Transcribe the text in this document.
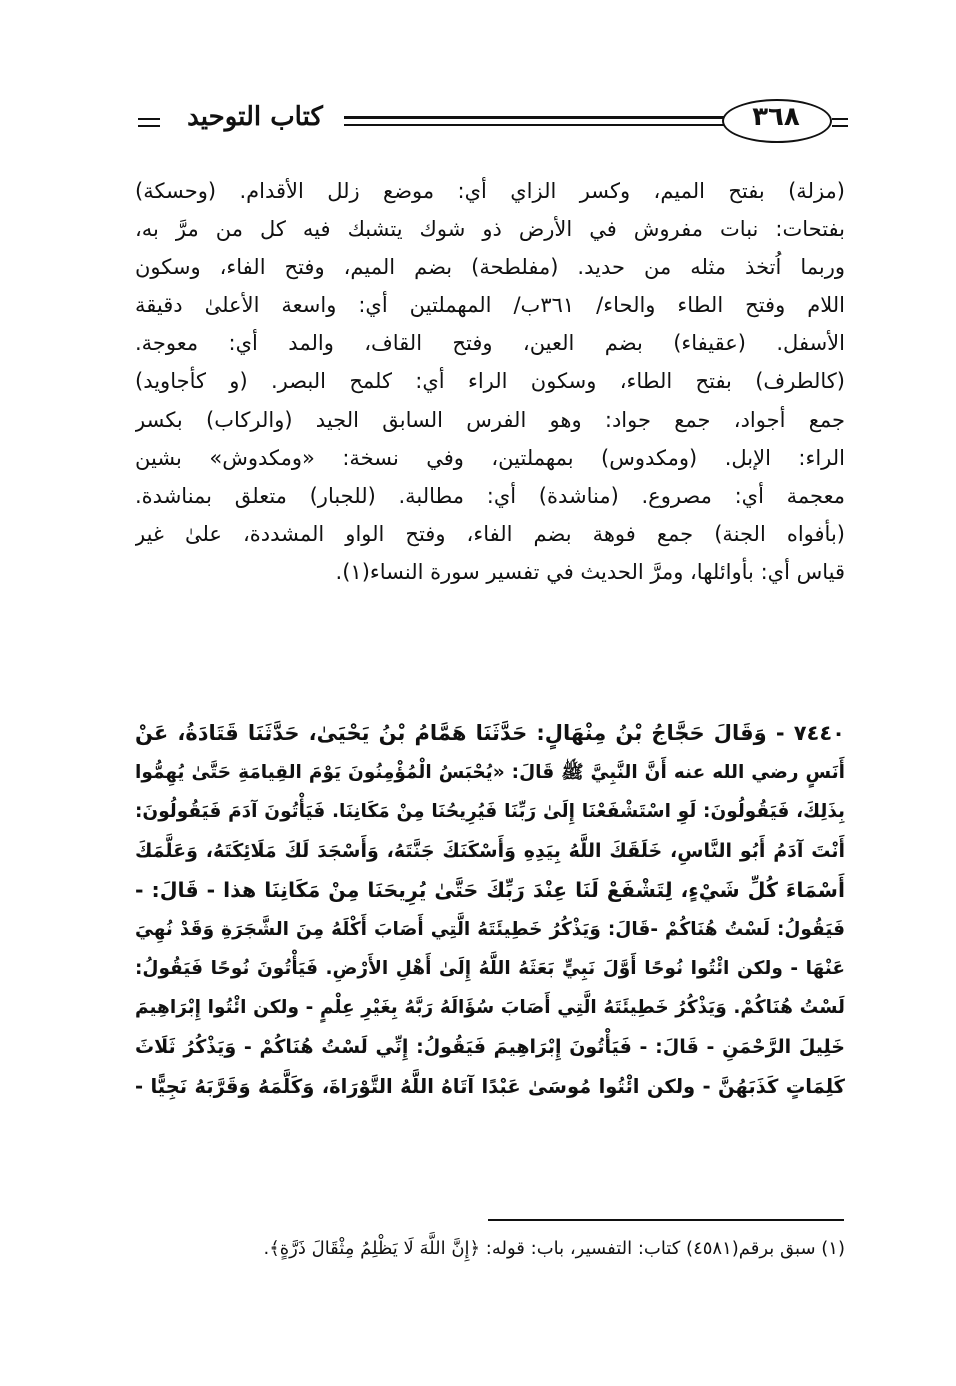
كتاب التوحيد	٣٦٨
(مزلة) بفتح الميم، وكسر الزاي أي: موضع زلل الأقدام. (وحسكة)
بفتحات: نبات مفروش في الأرض ذو شوك يتشبك فيه كل من مرَّ به،
وربما اُتخذ مثله من حديد. (مفلطحة) بضم الميم، وفتح الفاء، وسكون
اللام وفتح الطاء والحاء/ ٣٦١ب/ المهملتين أي: واسعة الأعلىٰ دقيقة
الأسفل. (عقيفاء) بضم العين، وفتح القاف، والمد أي: معوجة.
(كالطرف) بفتح الطاء، وسكون الراء أي: كلمح البصر. (و كأجاويد)
جمع أجواد، جمع جواد: وهو الفرس السابق الجيد (والركاب) بكسر
الراء: الإبل. (ومكدوس) بمهملتين، وفي نسخة: «ومكدوش» بشين
معجمة أي: مصروع. (مناشدة) أي: مطالبة. (للجبار) متعلق بمناشدة.
(بأفواه الجنة) جمع فوهة بضم الفاء، وفتح الواو المشددة، علىٰ غير
قياس أي: بأوائلها، ومرَّ الحديث في تفسير سورة النساء(١).
٧٤٤٠ - وَقَالَ حَجَّاجُ بْنُ مِنْهَالٍ: حَدَّثَنَا هَمَّامُ بْنُ يَحْيَىٰ، حَدَّثَنَا قَتَادَةُ، عَنْ
أَنَسٍ رضي الله عنه أَنَّ النَّبِيَّ ﷺ قَالَ: «يُحْبَسُ الْمُؤْمِنُونَ يَوْمَ القِيامَةِ حَتَّىٰ يُهِمُّوا
بِذَلِكَ، فَيَقُولُونَ: لَوِ اسْتَشْفَعْنَا إِلَىٰ رَبِّنَا فَيُرِيحُنَا مِنْ مَكَانِنَا. فَيَأْتُونَ آدَمَ فَيَقُولُونَ:
أَنْتَ آدَمُ أَبُو النَّاسِ، خَلَقَكَ اللَّهُ بِيَدِهِ وَأَسْكَنَكَ جَنَّتَهُ، وَأَسْجَدَ لَكَ مَلَائِكَتَهُ، وَعَلَّمَكَ
أَسْمَاءَ كُلِّ شَيْءٍ، لِتَشْفَعْ لَنَا عِنْدَ رَبِّكَ حَتَّىٰ يُرِيحَنَا مِنْ مَكَانِنَا هذا - قَالَ: -
فَيَقُولُ: لَسْتُ هُنَاكُمْ -قَالَ: وَيَذْكُرُ خَطِيئَتَهُ الَّتِي أَصَابَ أَكْلَهُ مِنَ الشَّجَرَةِ وَقَدْ نُهِيَ
عَنْهَا - ولكن ائْتُوا نُوحًا أَوَّلَ نَبِيٍّ بَعَثَهُ اللَّهُ إِلَىٰ أَهْلِ الأَرْضِ. فَيَأْتُونَ نُوحًا فَيَقُولُ:
لَسْتُ هُنَاكُمْ. وَيَذْكُرُ خَطِيئَتَهُ الَّتِي أَصَابَ سُؤَالَهُ رَبَّهُ بِغَيْرِ عِلْمٍ - ولكن ائْتُوا إِبْرَاهِيمَ
خَلِيلَ الرَّحْمَنِ - قَالَ: - فَيَأْتُونَ إِبْرَاهِيمَ فَيَقُولُ: إِنِّي لَسْتُ هُنَاكُمْ - وَيَذْكُرُ ثَلَاثَ
كَلِمَاتٍ كَذَبَهُنَّ - ولكن ائْتُوا مُوسَىٰ عَبْدًا آتَاهُ اللَّهُ التَّوْرَاةَ، وَكَلَّمَهُ وَقَرَّبَهُ نَجِيًّا -
(١) سبق برقم(٤٥٨١) كتاب: التفسير، باب: قوله: ﴿إِنَّ اللَّهَ لَا يَظْلِمُ مِثْقَالَ ذَرَّةٍ﴾.
